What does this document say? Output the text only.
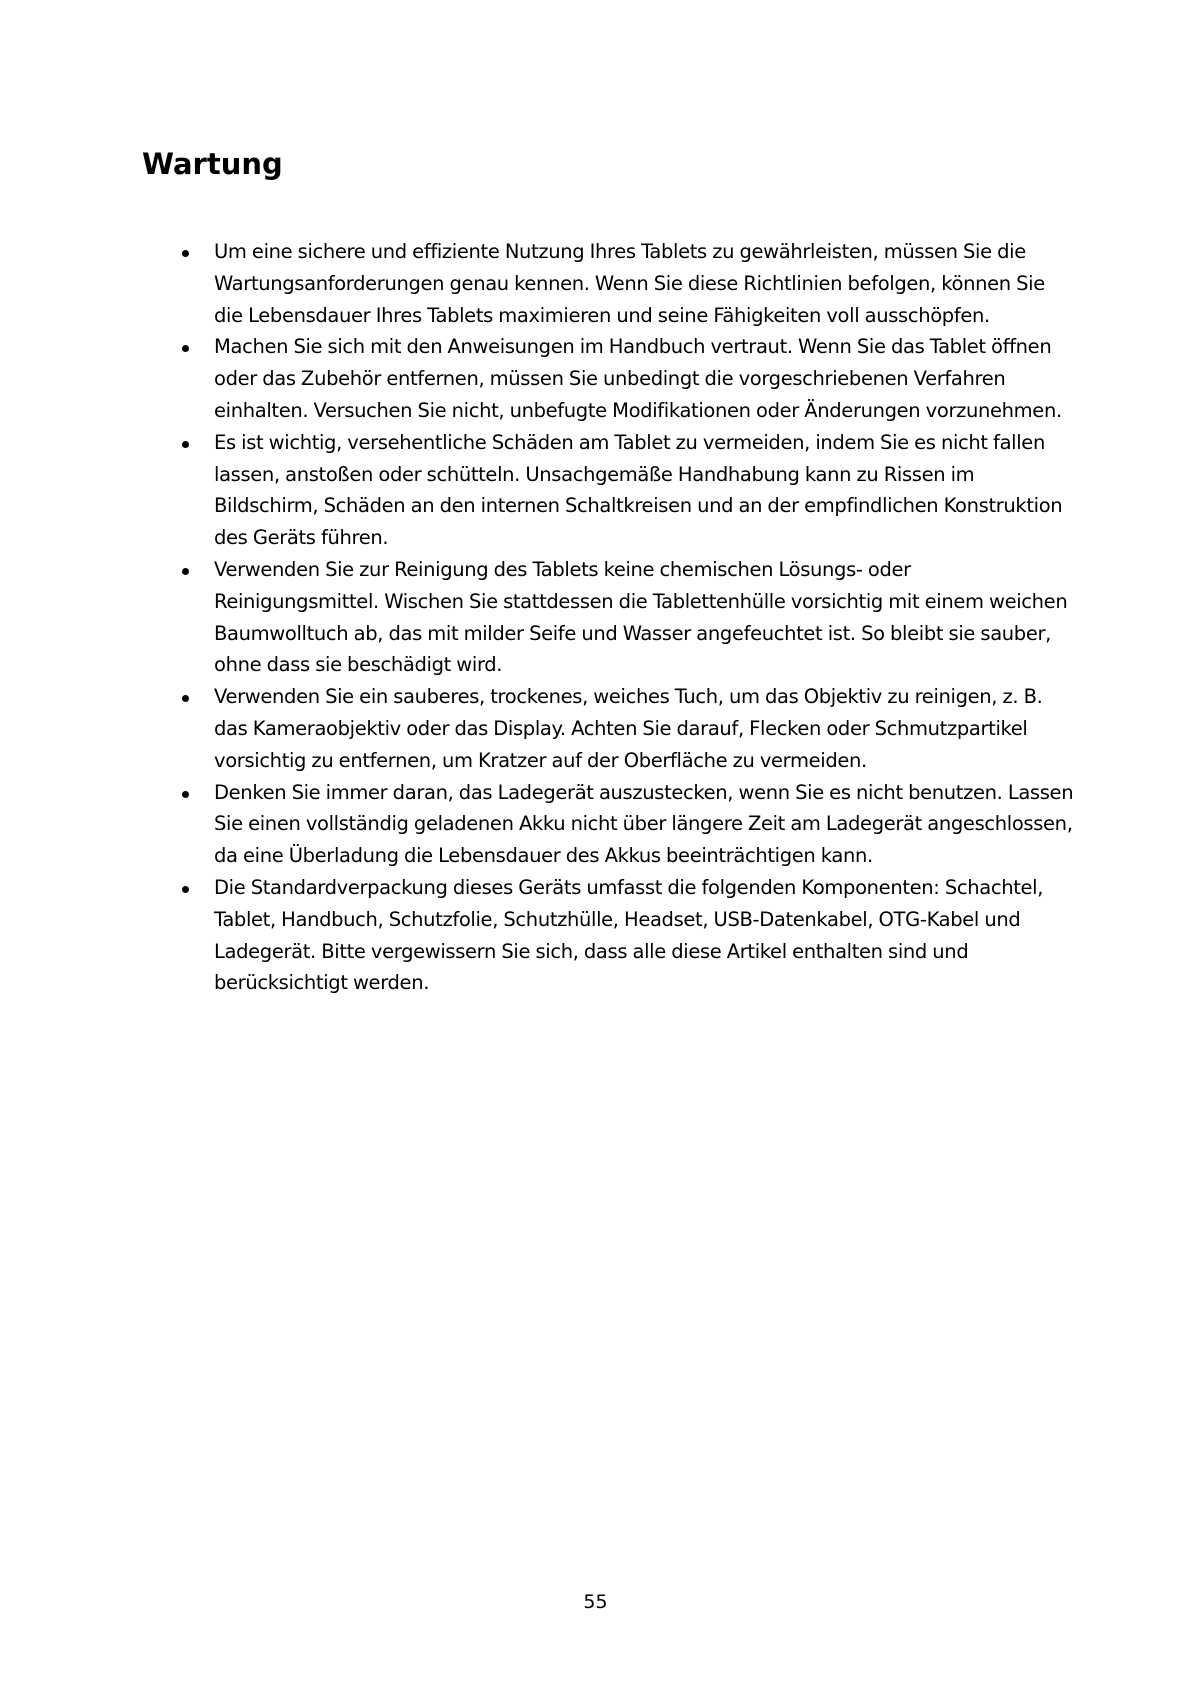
Wartung

Um eine sichere und effiziente Nutzung Ihres Tablets zu gewährleisten, müssen Sie die Wartungsanforderungen genau kennen. Wenn Sie diese Richtlinien befolgen, können Sie die Lebensdauer Ihres Tablets maximieren und seine Fähigkeiten voll ausschöpfen.

Machen Sie sich mit den Anweisungen im Handbuch vertraut. Wenn Sie das Tablet öffnen oder das Zubehör entfernen, müssen Sie unbedingt die vorgeschriebenen Verfahren einhalten. Versuchen Sie nicht, unbefugte Modifikationen oder Änderungen vorzunehmen.

Es ist wichtig, versehentliche Schäden am Tablet zu vermeiden, indem Sie es nicht fallen lassen, anstoßen oder schütteln. Unsachgemäße Handhabung kann zu Rissen im Bildschirm, Schäden an den internen Schaltkreisen und an der empfindlichen Konstruktion des Geräts führen.

Verwenden Sie zur Reinigung des Tablets keine chemischen Lösungs- oder Reinigungsmittel. Wischen Sie stattdessen die Tablettenhülle vorsichtig mit einem weichen Baumwolltuch ab, das mit milder Seife und Wasser angefeuchtet ist. So bleibt sie sauber, ohne dass sie beschädigt wird.

Verwenden Sie ein sauberes, trockenes, weiches Tuch, um das Objektiv zu reinigen, z. B. das Kameraobjektiv oder das Display. Achten Sie darauf, Flecken oder Schmutzpartikel vorsichtig zu entfernen, um Kratzer auf der Oberfläche zu vermeiden.

Denken Sie immer daran, das Ladegerät auszustecken, wenn Sie es nicht benutzen. Lassen Sie einen vollständig geladenen Akku nicht über längere Zeit am Ladegerät angeschlossen, da eine Überladung die Lebensdauer des Akkus beeinträchtigen kann.

Die Standardverpackung dieses Geräts umfasst die folgenden Komponenten: Schachtel, Tablet, Handbuch, Schutzfolie, Schutzhülle, Headset, USB-Datenkabel, OTG-Kabel und Ladegerät. Bitte vergewissern Sie sich, dass alle diese Artikel enthalten sind und berücksichtigt werden.

55
